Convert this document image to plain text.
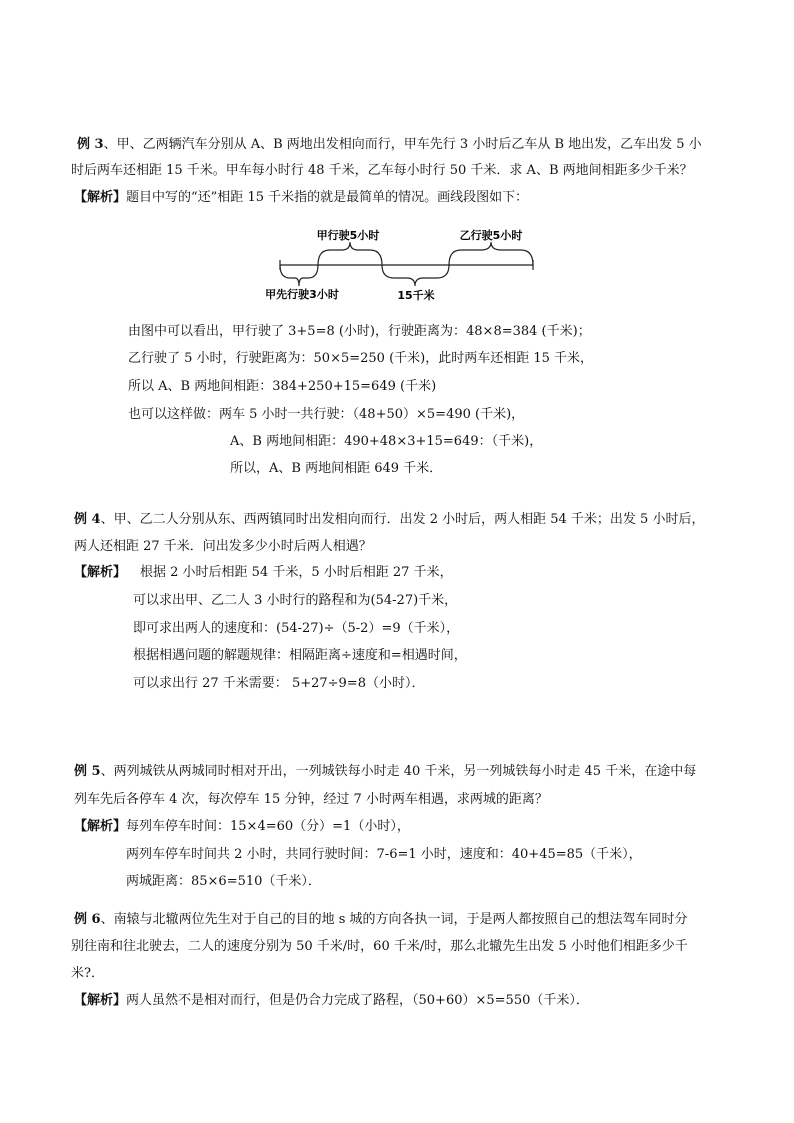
例 3、甲、乙两辆汽车分别从 A、B 两地出发相向而行，甲车先行 3 小时后乙车从 B 地出发，乙车出发 5 小
时后两车还相距 15 千米。甲车每小时行 48 千米，乙车每小时行 50 千米．求 A、B 两地间相距多少千米？
【解析】题目中写的“还”相距 15 千米指的就是最简单的情况。画线段图如下：
甲行驶5小时	乙行驶5小时
甲先行驶3小时	15千米
由图中可以看出，甲行驶了 3+5=8 (小时)，行驶距离为：48×8=384 (千米)；
乙行驶了 5 小时，行驶距离为：50×5=250 (千米)，此时两车还相距 15 千米，
所以 A、B 两地间相距：384+250+15=649 (千米)
也可以这样做：两车 5 小时一共行驶：（48+50）×5=490 (千米)，
A、B 两地间相距：490+48×3+15=649：（千米)，
所以，A、B 两地间相距 649 千米．
例 4、甲、乙二人分别从东、西两镇同时出发相向而行．出发 2 小时后，两人相距 54 千米；出发 5 小时后，
两人还相距 27 千米．问出发多少小时后两人相遇？
【解析】 根据 2 小时后相距 54 千米，5 小时后相距 27 千米，
可以求出甲、乙二人 3 小时行的路程和为(54-27)千米，
即可求出两人的速度和：(54-27)÷（5-2）=9（千米），
根据相遇问题的解题规律：相隔距离÷速度和=相遇时间，
可以求出行 27 千米需要： 5+27÷9=8（小时）．
例 5、两列城铁从两城同时相对开出，一列城铁每小时走 40 千米，另一列城铁每小时走 45 千米，在途中每
列车先后各停车 4 次，每次停车 15 分钟，经过 7 小时两车相遇，求两城的距离？
【解析】每列车停车时间：15×4=60（分）=1（小时），
两列车停车时间共 2 小时，共同行驶时间：7-6=1 小时，速度和：40+45=85（千米），
两城距离：85×6=510（千米）．
例 6、南辕与北辙两位先生对于自己的目的地 s 城的方向各执一词，于是两人都按照自己的想法驾车同时分
别往南和往北驶去，二人的速度分别为 50 千米/时，60 千米/时，那么北辙先生出发 5 小时他们相距多少千
米?．
【解析】两人虽然不是相对而行，但是仍合力完成了路程，（50+60）×5=550（千米）．
